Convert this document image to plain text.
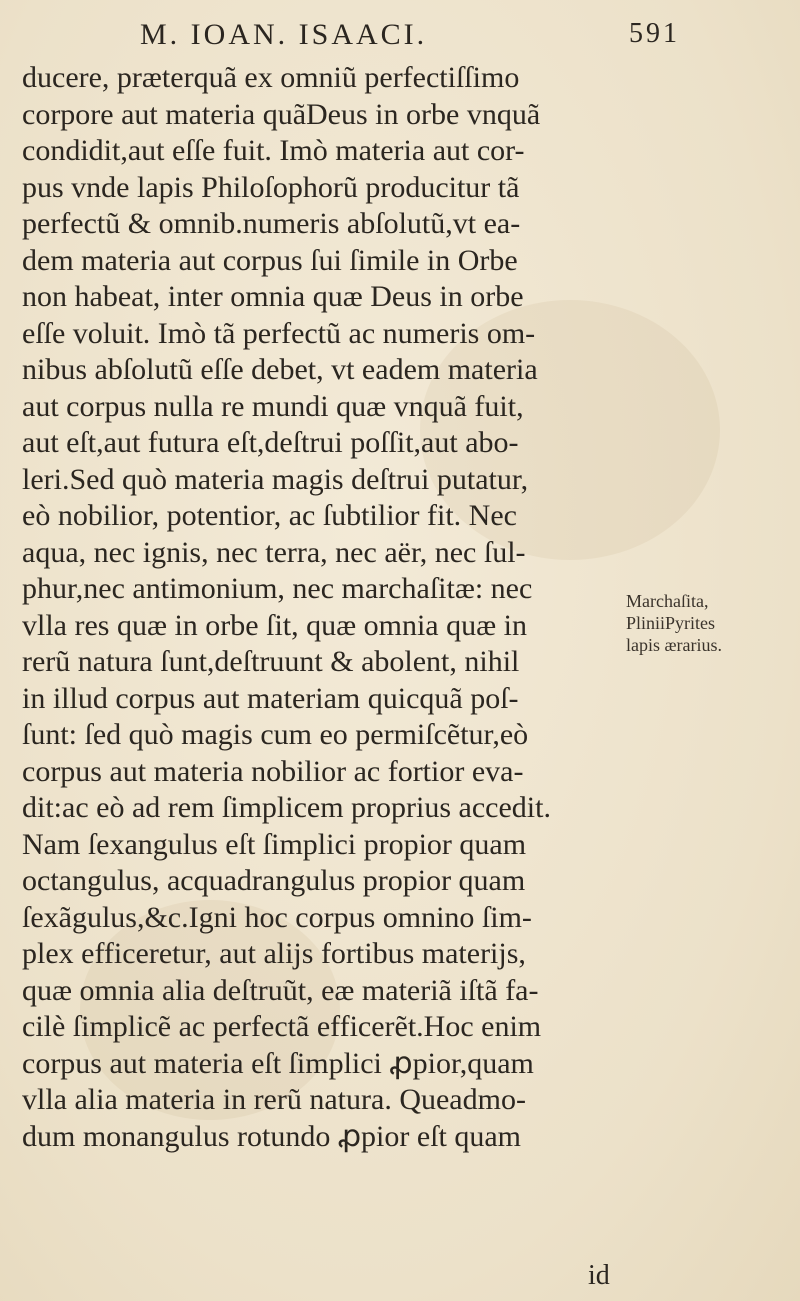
M. IOAN. ISAACI.	591
ducere, prӕterquã ex omniũ perfectiſſimo
corpore aut materia quãDeus in orbe vnquã
condidit,aut eſſe fuit. Imò materia aut cor-
pus vnde lapis Philoſophorũ producitur tã
perfectũ & omnib.numeris abſolutũ,vt ea-
dem materia aut corpus ſui ſimile in Orbe
non habeat, inter omnia quӕ Deus in orbe
eſſe voluit. Imò tã perfectũ ac numeris om-
nibus abſolutũ eſſe debet, vt eadem materia
aut corpus nulla re mundi quӕ vnquã fuit,
aut eſt,aut futura eſt,deſtrui poſſit,aut abo-
leri.Sed quò materia magis deſtrui putatur,
eò nobilior, potentior, ac ſubtilior fit. Nec
aqua, nec ignis, nec terra, nec aër, nec ſul-
phur,nec antimonium, nec marchaſitӕ: nec
vlla res quӕ in orbe ſit, quӕ omnia quӕ in
rerũ natura ſunt,deſtruunt & abolent, nihil
in illud corpus aut materiam quicquã poſ-
ſunt: ſed quò magis cum eo permiſcẽtur,eò
corpus aut materia nobilior ac fortior eva-
dit:ac eò ad rem ſimplicem proprius accedit.
Nam ſexangulus eſt ſimplici propior quam
octangulus, acquadrangulus propior quam
ſexãgulus,&c.Igni hoc corpus omnino ſim-
plex efficeretur, aut alijs fortibus materijs,
quӕ omnia alia deſtruũt, eӕ materiã iſtã fa-
cilè ſimplicẽ ac perfectã efficerẽt.Hoc enim
corpus aut materia eſt ſimplici ꝓpior,quam
vlla alia materia in rerũ natura. Queadmo-
dum monangulus rotundo ꝓpior eſt quam
Marchaſita,
PliniiPyrites
lapis ærarius.
id
